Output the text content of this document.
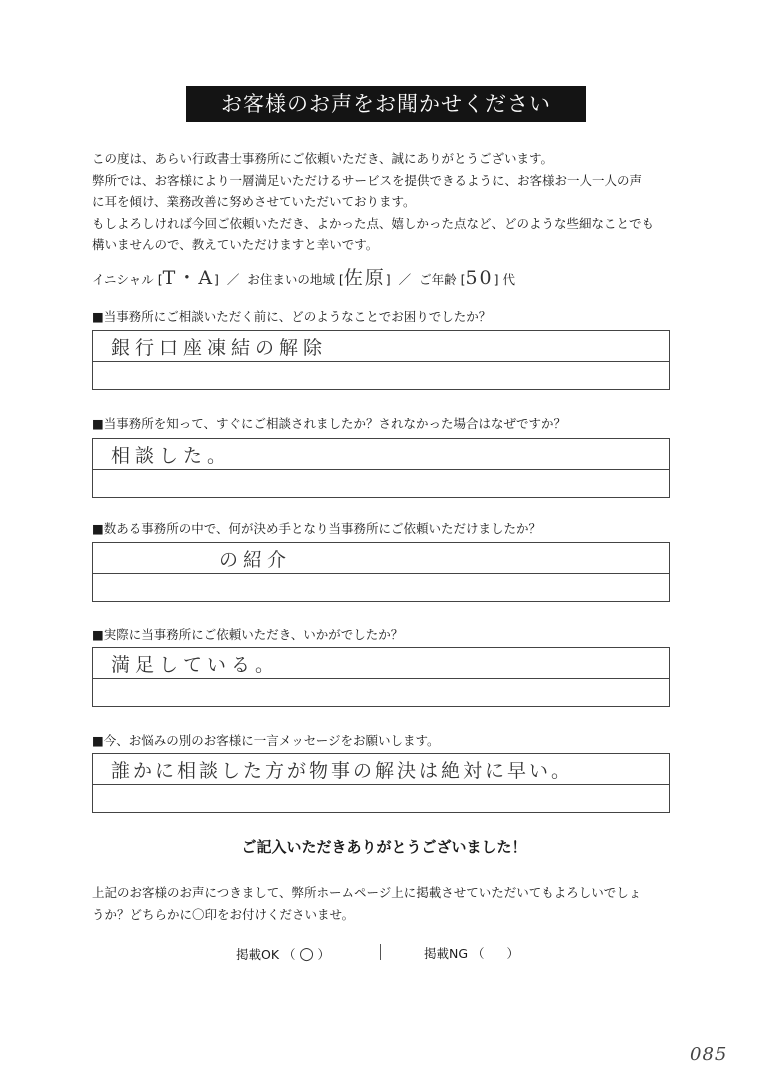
お客様のお声をお聞かせください

この度は、あらい行政書士事務所にご依頼いただき、誠にありがとうございます。

弊所では、お客様により一層満足いただけるサービスを提供できるように、お客様お一人一人の声

に耳を傾け、業務改善に努めさせていただいております。

もしよろしければ今回ご依頼いただき、よかった点、嬉しかった点など、どのような些細なことでも

構いませんので、教えていただけますと幸いです。

イニシャル [T・A]  ／  お住まいの地域 [佐原]  ／  ご年齢 [50] 代
■当事務所にご相談いただく前に、どのようなことでお困りでしたか？
銀行口座凍結の解除
■当事務所を知って、すぐにご相談されましたか？されなかった場合はなぜですか？
相談した。
■数ある事務所の中で、何が決め手となり当事務所にご依頼いただけましたか？
の紹介
■実際に当事務所にご依頼いただき、いかがでしたか？
満足している。
■今、お悩みの別のお客様に一言メッセージをお願いします。
誰かに相談した方が物事の解決は絶対に早い。
ご記入いただきありがとうございました！

上記のお客様のお声につきまして、弊所ホームページ上に掲載させていただいてもよろしいでしょ

うか？どちらかに〇印をお付けくださいませ。

掲載OK （ ○ ）	掲載NG （ ）
085
